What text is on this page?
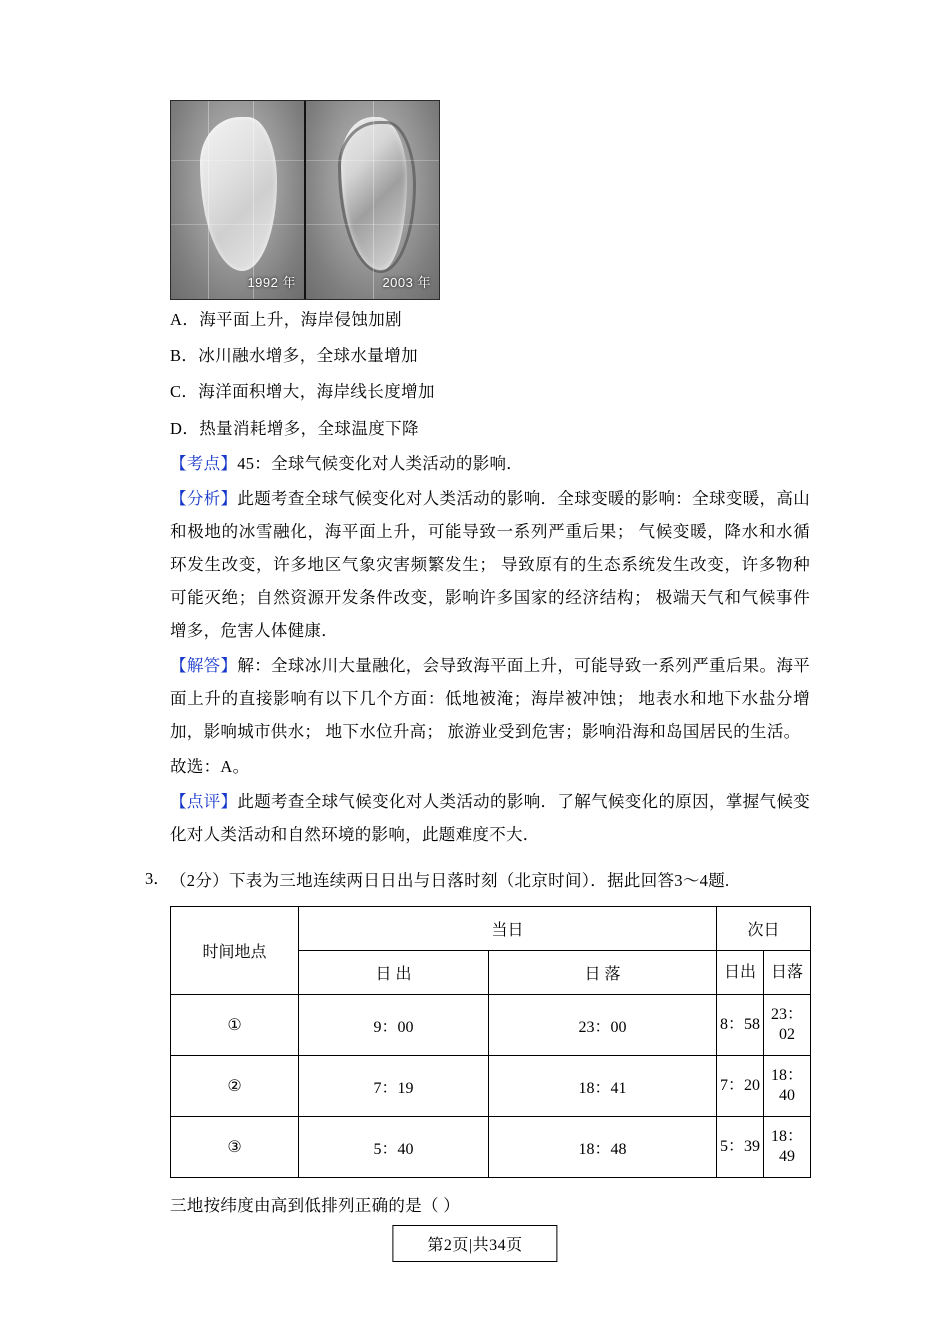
1992 年	2003 年
A．海平面上升，海岸侵蚀加剧
B．冰川融水增多，全球水量增加
C．海洋面积增大，海岸线长度增加
D．热量消耗增多，全球温度下降
【考点】45：全球气候变化对人类活动的影响．
【分析】此题考查全球气候变化对人类活动的影响．全球变暖的影响：全球变暖，高山和极地的冰雪融化，海平面上升，可能导致一系列严重后果； 气候变暖，降水和水循环发生改变，许多地区气象灾害频繁发生； 导致原有的生态系统发生改变，许多物种可能灭绝；自然资源开发条件改变，影响许多国家的经济结构； 极端天气和气候事件增多，危害人体健康．
【解答】解：全球冰川大量融化，会导致海平面上升，可能导致一系列严重后果。海平面上升的直接影响有以下几个方面：低地被淹；海岸被冲蚀； 地表水和地下水盐分增加，影响城市供水； 地下水位升高； 旅游业受到危害；影响沿海和岛国居民的生活。
故选：A。
【点评】此题考查全球气候变化对人类活动的影响．了解气候变化的原因，掌握气候变化对人类活动和自然环境的影响，此题难度不大．
3． （2分）下表为三地连续两日日出与日落时刻（北京时间）．据此回答3～4题.
时间地点	当日		次日	
	日 出	日 落	日出	日落
①	9：00	23：00	8：58	23：02
②	7：19	18：41	7：20	18：40
③	5：40	18：48	5：39	18：49
三地按纬度由高到低排列正确的是（ ）
第2页|共34页
